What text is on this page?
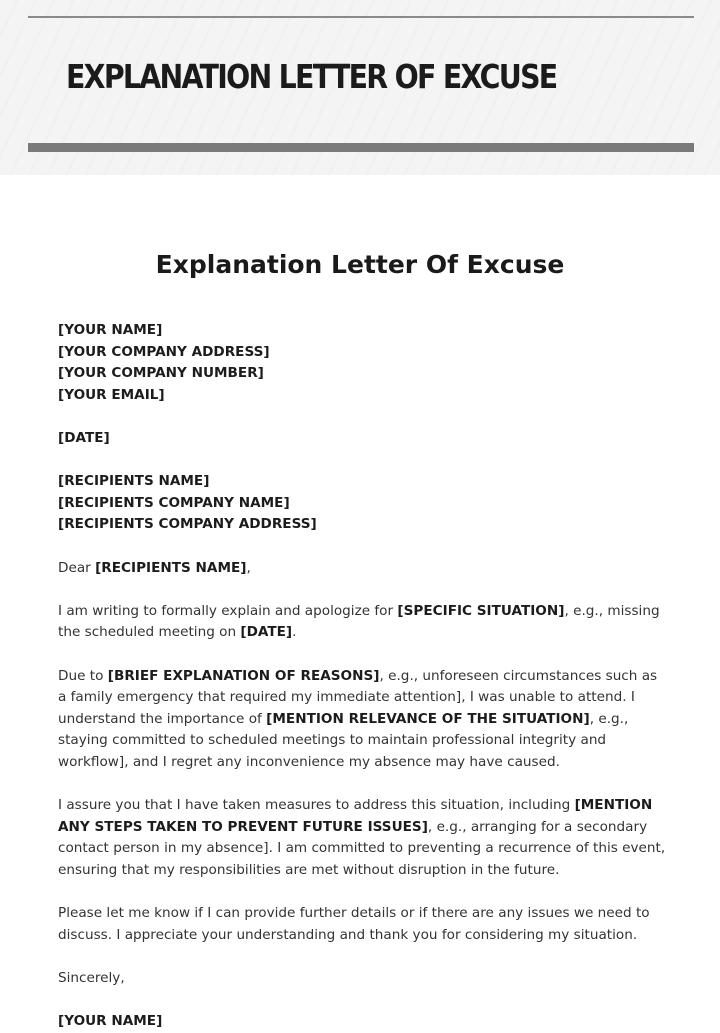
EXPLANATION LETTER OF EXCUSE
Explanation Letter Of Excuse
[YOUR NAME]
[YOUR COMPANY ADDRESS]
[YOUR COMPANY NUMBER]
[YOUR EMAIL]
[DATE]
[RECIPIENTS NAME]
[RECIPIENTS COMPANY NAME]
[RECIPIENTS COMPANY ADDRESS]

Dear [RECIPIENTS NAME],

I am writing to formally explain and apologize for [SPECIFIC SITUATION], e.g., missing the scheduled meeting on [DATE].

Due to [BRIEF EXPLANATION OF REASONS], e.g., unforeseen circumstances such as a family emergency that required my immediate attention], I was unable to attend. I understand the importance of [MENTION RELEVANCE OF THE SITUATION], e.g., staying committed to scheduled meetings to maintain professional integrity and workflow], and I regret any inconvenience my absence may have caused.

I assure you that I have taken measures to address this situation, including [MENTION ANY STEPS TAKEN TO PREVENT FUTURE ISSUES], e.g., arranging for a secondary contact person in my absence]. I am committed to preventing a recurrence of this event, ensuring that my responsibilities are met without disruption in the future.

Please let me know if I can provide further details or if there are any issues we need to discuss. I appreciate your understanding and thank you for considering my situation.

Sincerely,

[YOUR NAME]
